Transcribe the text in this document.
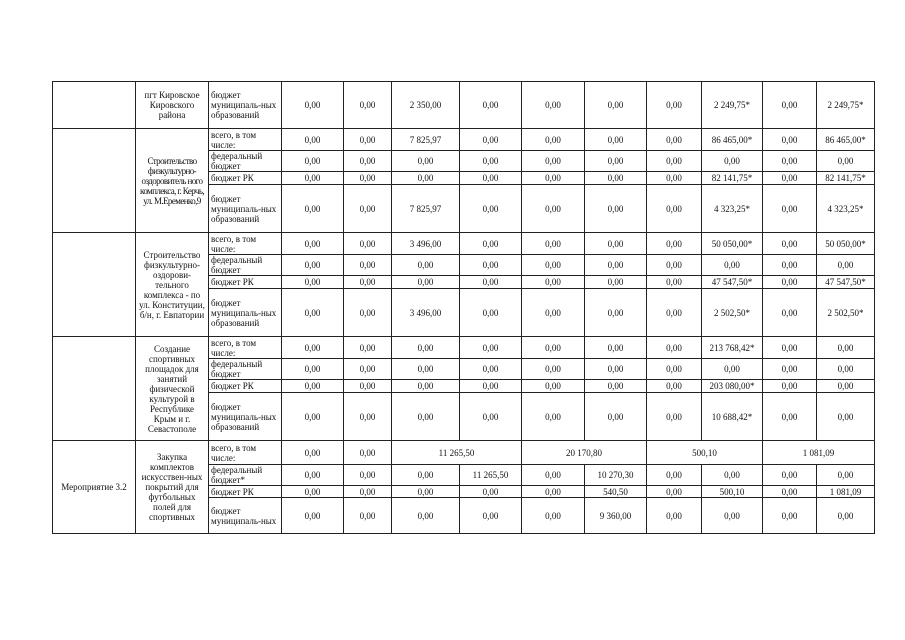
	пгт Кировское Кировского района	бюджет муниципаль-ных образований	0,00	0,00	2 350,00	0,00	0,00	0,00	0,00	2 249,75*	0,00	2 249,75*
	Строительство физкультурно-оздоровитель ного комплекса, г. Керчь, ул. М.Еременко,9	всего, в том числе:	0,00	0,00	7 825,97	0,00	0,00	0,00	0,00	86 465,00*	0,00	86 465,00*
		федеральный бюджет	0,00	0,00	0,00	0,00	0,00	0,00	0,00	0,00	0,00	0,00
		бюджет РК	0,00	0,00	0,00	0,00	0,00	0,00	0,00	82 141,75*	0,00	82 141,75*
		бюджет муниципаль-ных образований	0,00	0,00	7 825,97	0,00	0,00	0,00	0,00	4 323,25*	0,00	4 323,25*
	Строительство физкультурно-оздорови-тельного комплекса - по ул. Конституции, б/н, г. Евпатории	всего, в том числе:	0,00	0,00	3 496,00	0,00	0,00	0,00	0,00	50 050,00*	0,00	50 050,00*
		федеральный бюджет	0,00	0,00	0,00	0,00	0,00	0,00	0,00	0,00	0,00	0,00
		бюджет РК	0,00	0,00	0,00	0,00	0,00	0,00	0,00	47 547,50*	0,00	47 547,50*
		бюджет муниципаль-ных образований	0,00	0,00	3 496,00	0,00	0,00	0,00	0,00	2 502,50*	0,00	2 502,50*
	Создание спортивных площадок для занятий физической культурой в Республике Крым и г. Севастополе	всего, в том числе:	0,00	0,00	0,00	0,00	0,00	0,00	0,00	213 768,42*	0,00	0,00
		федеральный бюджет	0,00	0,00	0,00	0,00	0,00	0,00	0,00	0,00	0,00	0,00
		бюджет РК	0,00	0,00	0,00	0,00	0,00	0,00	0,00	203 080,00*	0,00	0,00
		бюджет муниципаль-ных образований	0,00	0,00	0,00	0,00	0,00	0,00	0,00	10 688,42*	0,00	0,00
Мероприятие 3.2	Закупка комплектов искусствен-ных покрытий для футбольных полей для спортивных	всего, в том числе:	0,00	0,00	11 265,50		20 170,80		500,10		1 081,09	
		федеральный бюджет*	0,00	0,00	0,00	11 265,50	0,00	10 270,30	0,00	0,00	0,00	0,00
		бюджет РК	0,00	0,00	0,00	0,00	0,00	540,50	0,00	500,10	0,00	1 081,09
		бюджет муниципаль-ных	0,00	0,00	0,00	0,00	0,00	9 360,00	0,00	0,00	0,00	0,00
